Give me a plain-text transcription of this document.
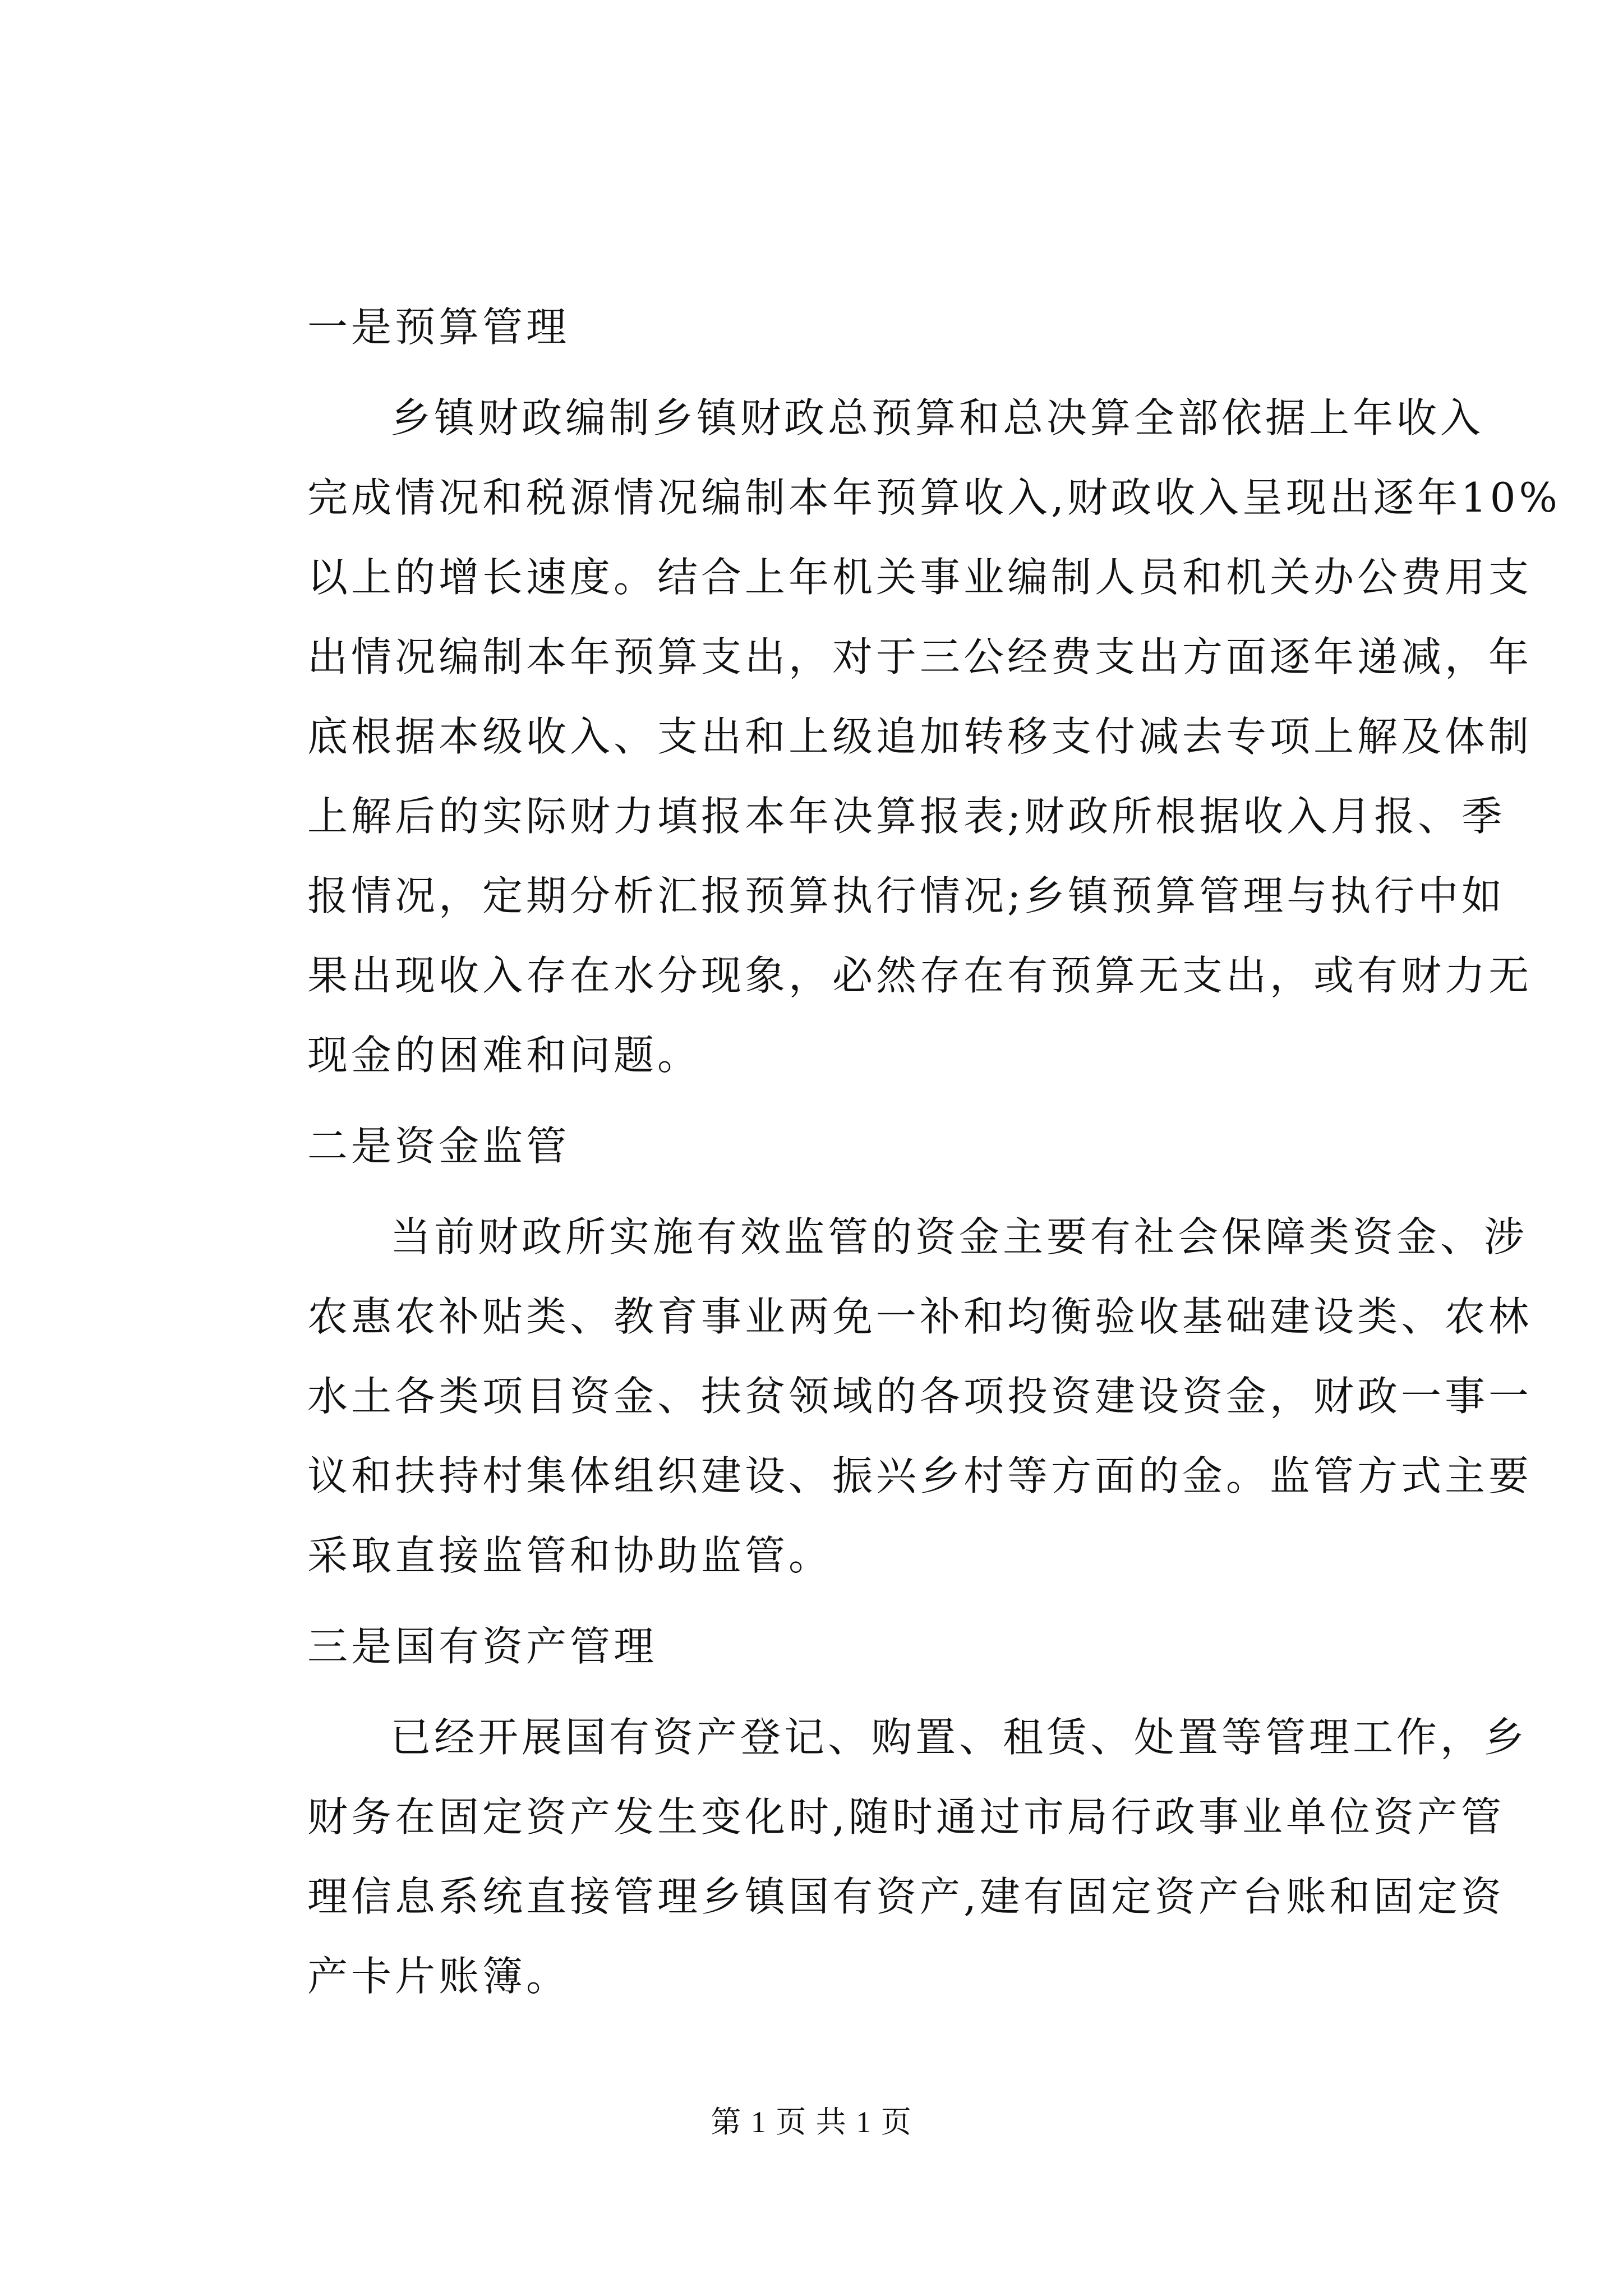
一是预算管理
乡镇财政编制乡镇财政总预算和总决算全部依据上年收入
完成情况和税源情况编制本年预算收入,财政收入呈现出逐年10%
以上的增长速度。结合上年机关事业编制人员和机关办公费用支
出情况编制本年预算支出，对于三公经费支出方面逐年递减，年
底根据本级收入、支出和上级追加转移支付减去专项上解及体制
上解后的实际财力填报本年决算报表;财政所根据收入月报、季
报情况，定期分析汇报预算执行情况;乡镇预算管理与执行中如
果出现收入存在水分现象，必然存在有预算无支出，或有财力无
现金的困难和问题。
二是资金监管
当前财政所实施有效监管的资金主要有社会保障类资金、涉
农惠农补贴类、教育事业两免一补和均衡验收基础建设类、农林
水土各类项目资金、扶贫领域的各项投资建设资金，财政一事一
议和扶持村集体组织建设、振兴乡村等方面的金。监管方式主要
采取直接监管和协助监管。
三是国有资产管理
已经开展国有资产登记、购置、租赁、处置等管理工作，乡
财务在固定资产发生变化时,随时通过市局行政事业单位资产管
理信息系统直接管理乡镇国有资产,建有固定资产台账和固定资
产卡片账簿。
第 1 页 共 1 页
